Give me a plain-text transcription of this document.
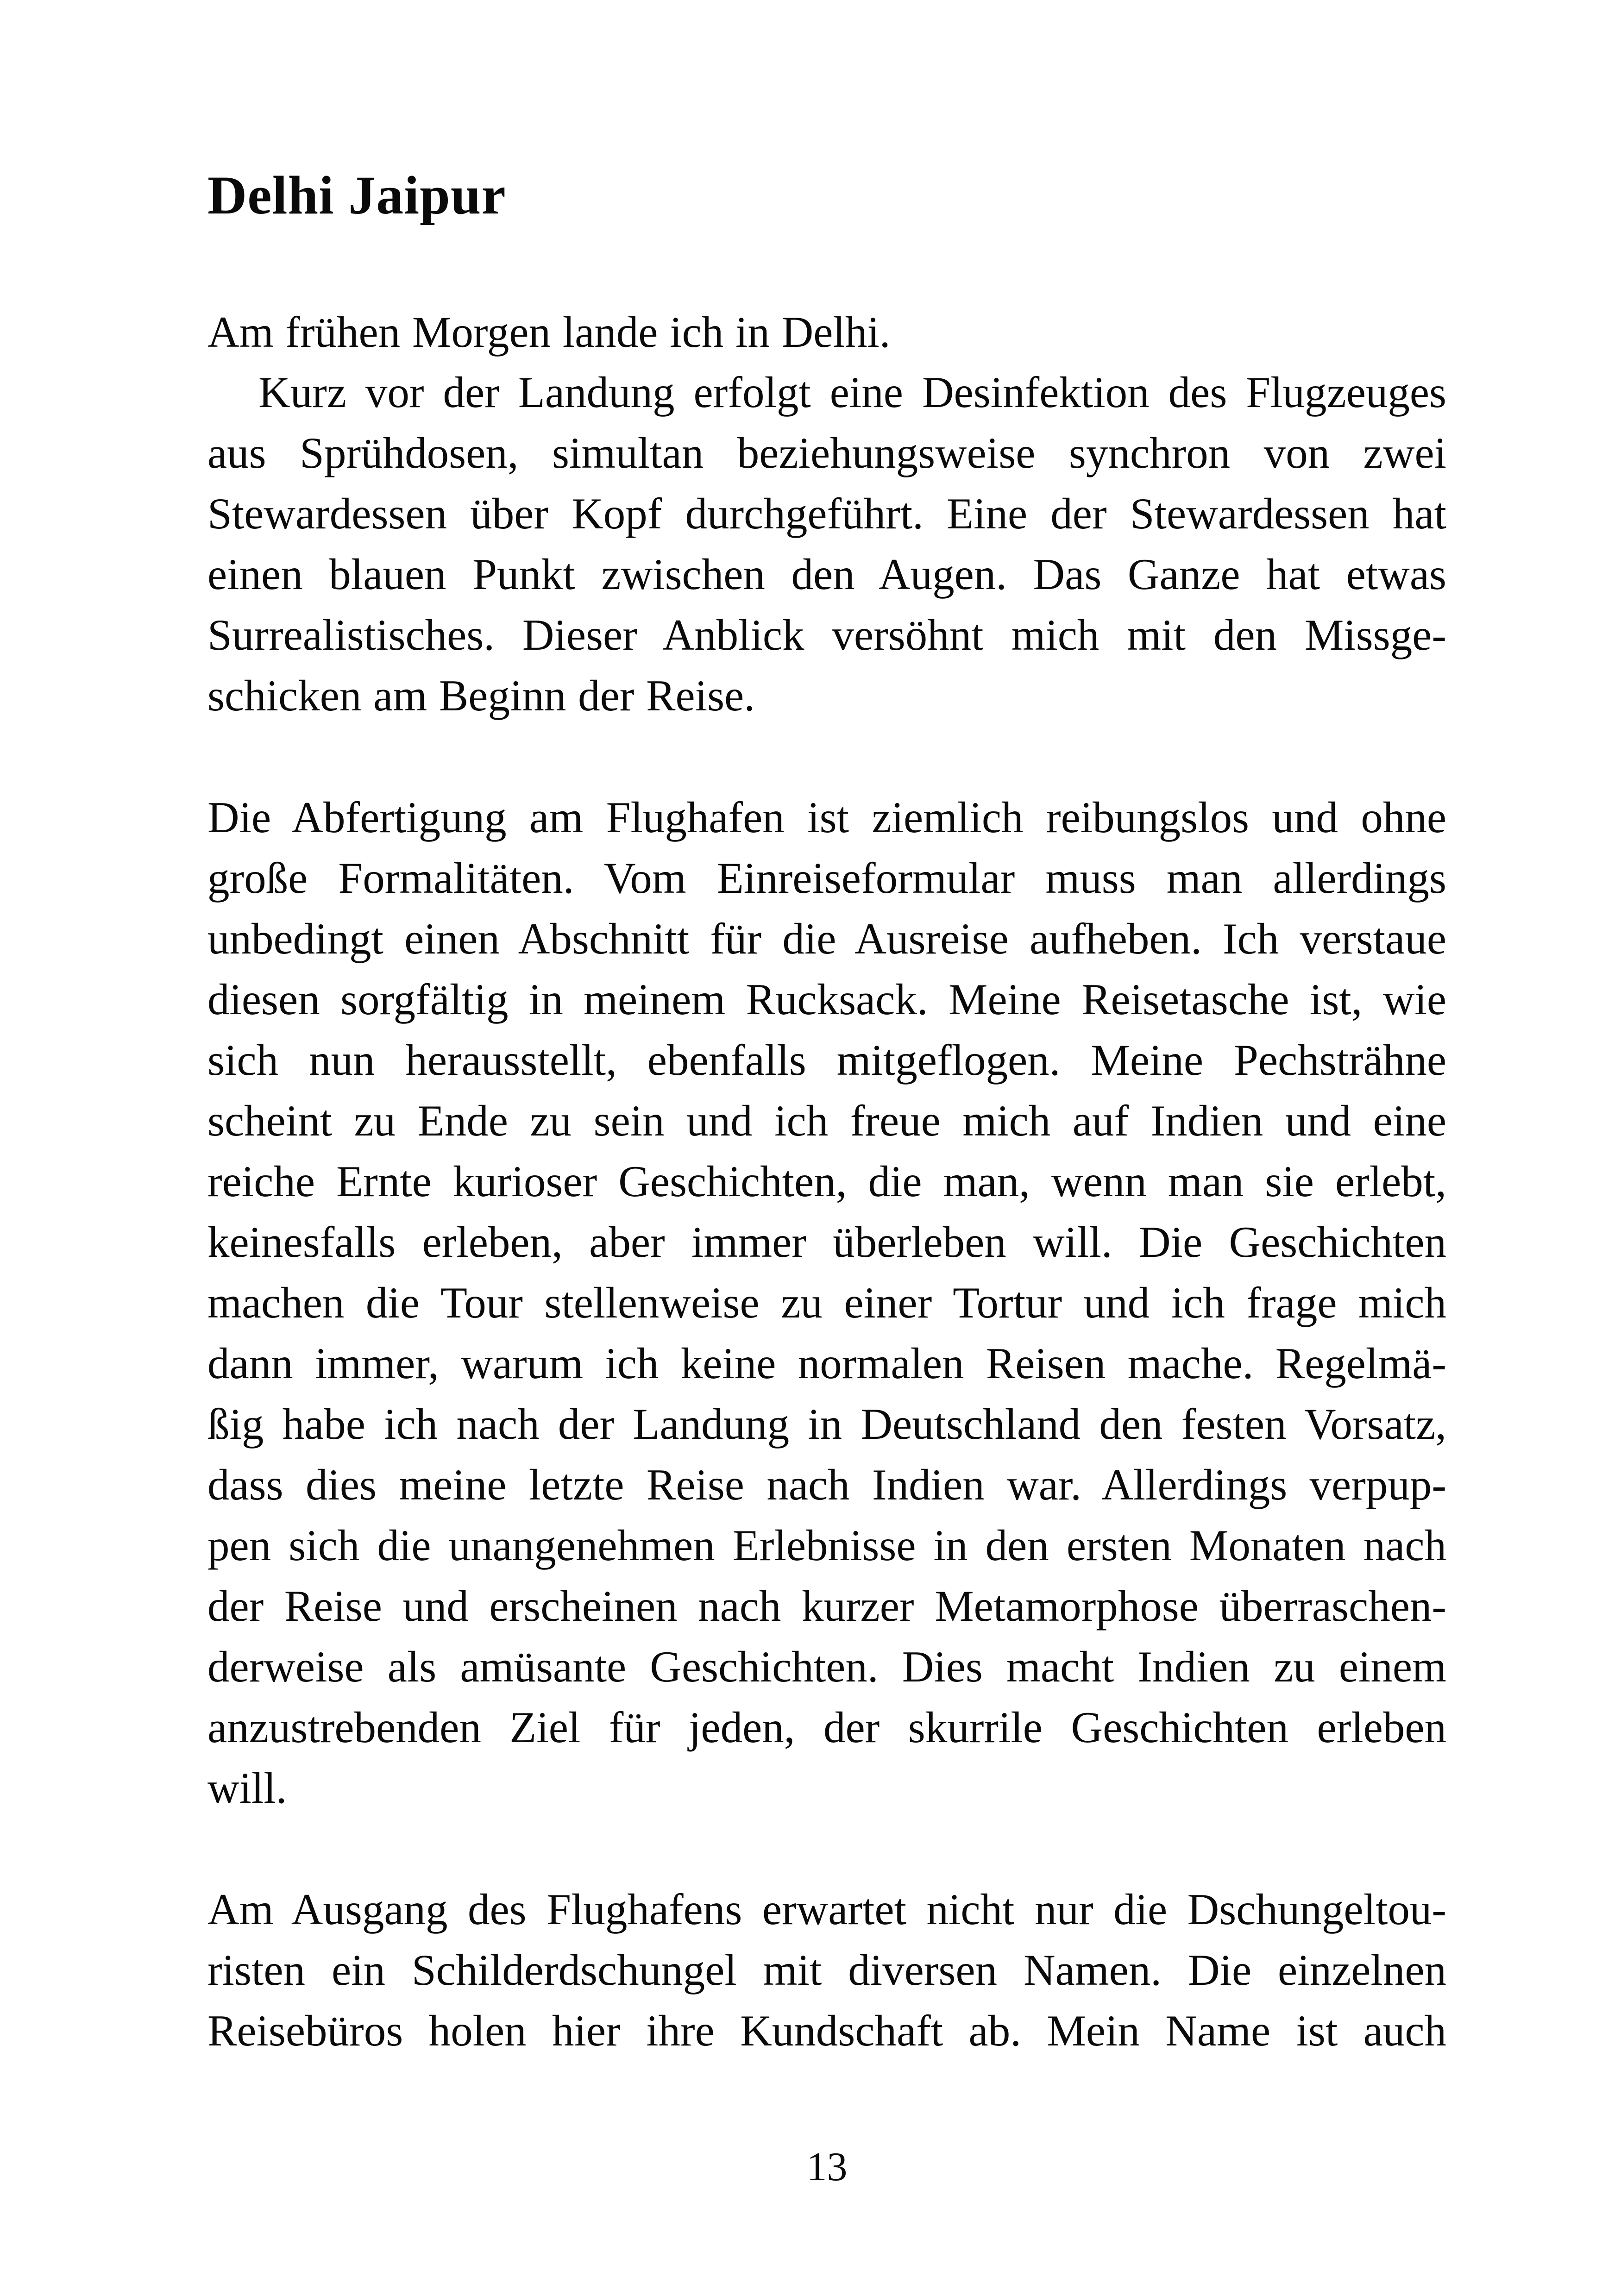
Delhi Jaipur
Am frühen Morgen lande ich in Delhi.
Kurz vor der Landung erfolgt eine Desinfektion des Flugzeuges
aus Sprühdosen, simultan beziehungsweise synchron von zwei
Stewardessen über Kopf durchgeführt. Eine der Stewardessen hat
einen blauen Punkt zwischen den Augen. Das Ganze hat etwas
Surrealistisches. Dieser Anblick versöhnt mich mit den Missge-
schicken am Beginn der Reise.
Die Abfertigung am Flughafen ist ziemlich reibungslos und ohne
große Formalitäten. Vom Einreiseformular muss man allerdings
unbedingt einen Abschnitt für die Ausreise aufheben. Ich verstaue
diesen sorgfältig in meinem Rucksack. Meine Reisetasche ist, wie
sich nun herausstellt, ebenfalls mitgeflogen. Meine Pechsträhne
scheint zu Ende zu sein und ich freue mich auf Indien und eine
reiche Ernte kurioser Geschichten, die man, wenn man sie erlebt,
keinesfalls erleben, aber immer überleben will. Die Geschichten
machen die Tour stellenweise zu einer Tortur und ich frage mich
dann immer, warum ich keine normalen Reisen mache. Regelmä-
ßig habe ich nach der Landung in Deutschland den festen Vorsatz,
dass dies meine letzte Reise nach Indien war. Allerdings verpup-
pen sich die unangenehmen Erlebnisse in den ersten Monaten nach
der Reise und erscheinen nach kurzer Metamorphose überraschen-
derweise als amüsante Geschichten. Dies macht Indien zu einem
anzustrebenden Ziel für jeden, der skurrile Geschichten erleben
will.
Am Ausgang des Flughafens erwartet nicht nur die Dschungeltou-
risten ein Schilderdschungel mit diversen Namen. Die einzelnen
Reisebüros holen hier ihre Kundschaft ab. Mein Name ist auch
13
